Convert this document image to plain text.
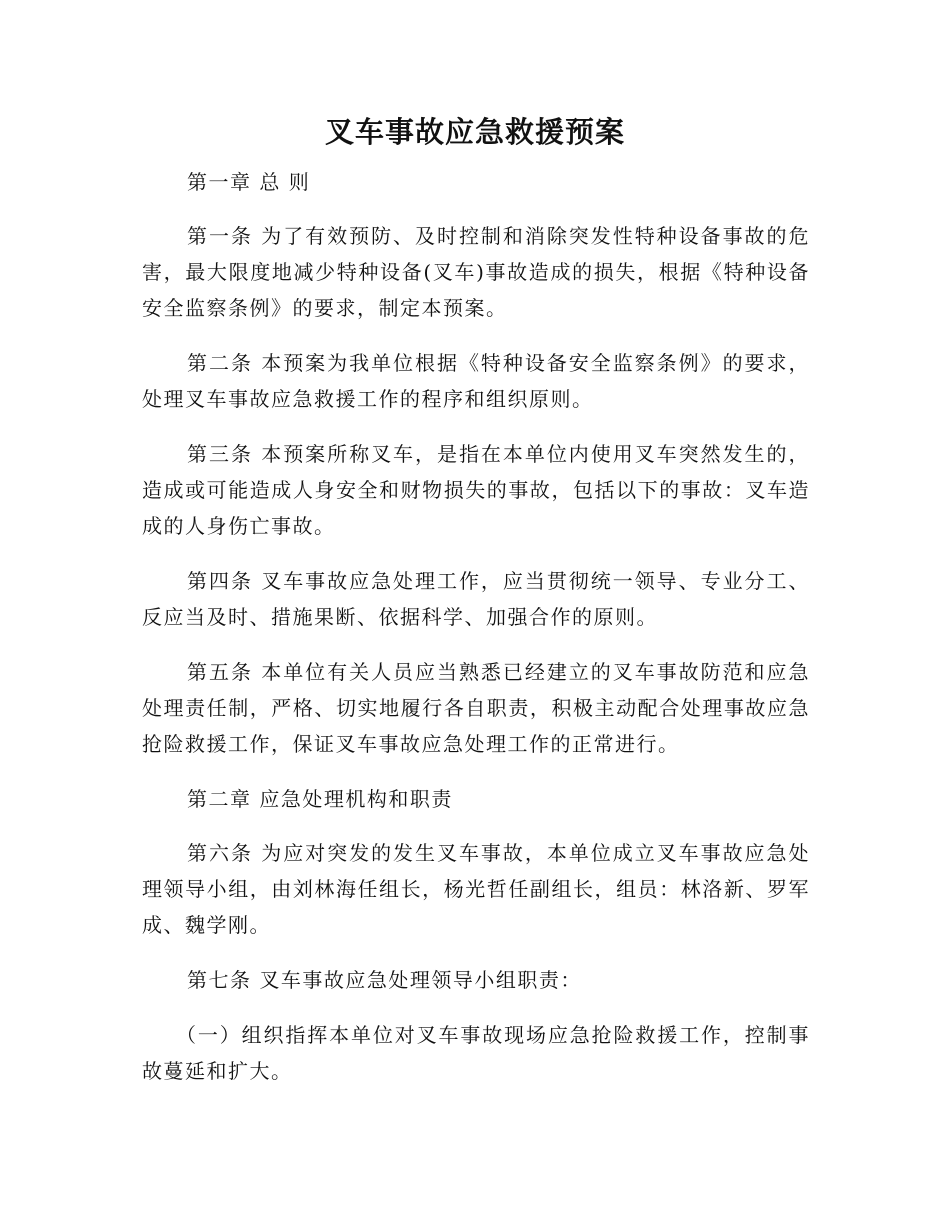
叉车事故应急救援预案

第一章 总 则

第一条 为了有效预防、及时控制和消除突发性特种设备事故的危害，最大限度地减少特种设备(叉车)事故造成的损失，根据《特种设备安全监察条例》的要求，制定本预案。

第二条 本预案为我单位根据《特种设备安全监察条例》的要求，处理叉车事故应急救援工作的程序和组织原则。

第三条 本预案所称叉车，是指在本单位内使用叉车突然发生的，造成或可能造成人身安全和财物损失的事故，包括以下的事故：叉车造成的人身伤亡事故。

第四条 叉车事故应急处理工作，应当贯彻统一领导、专业分工、反应当及时、措施果断、依据科学、加强合作的原则。

第五条 本单位有关人员应当熟悉已经建立的叉车事故防范和应急处理责任制，严格、切实地履行各自职责，积极主动配合处理事故应急抢险救援工作，保证叉车事故应急处理工作的正常进行。

第二章 应急处理机构和职责

第六条 为应对突发的发生叉车事故，本单位成立叉车事故应急处理领导小组，由刘林海任组长，杨光哲任副组长，组员：林洛新、罗军成、魏学刚。

第七条 叉车事故应急处理领导小组职责：

（一）组织指挥本单位对叉车事故现场应急抢险救援工作，控制事故蔓延和扩大。
